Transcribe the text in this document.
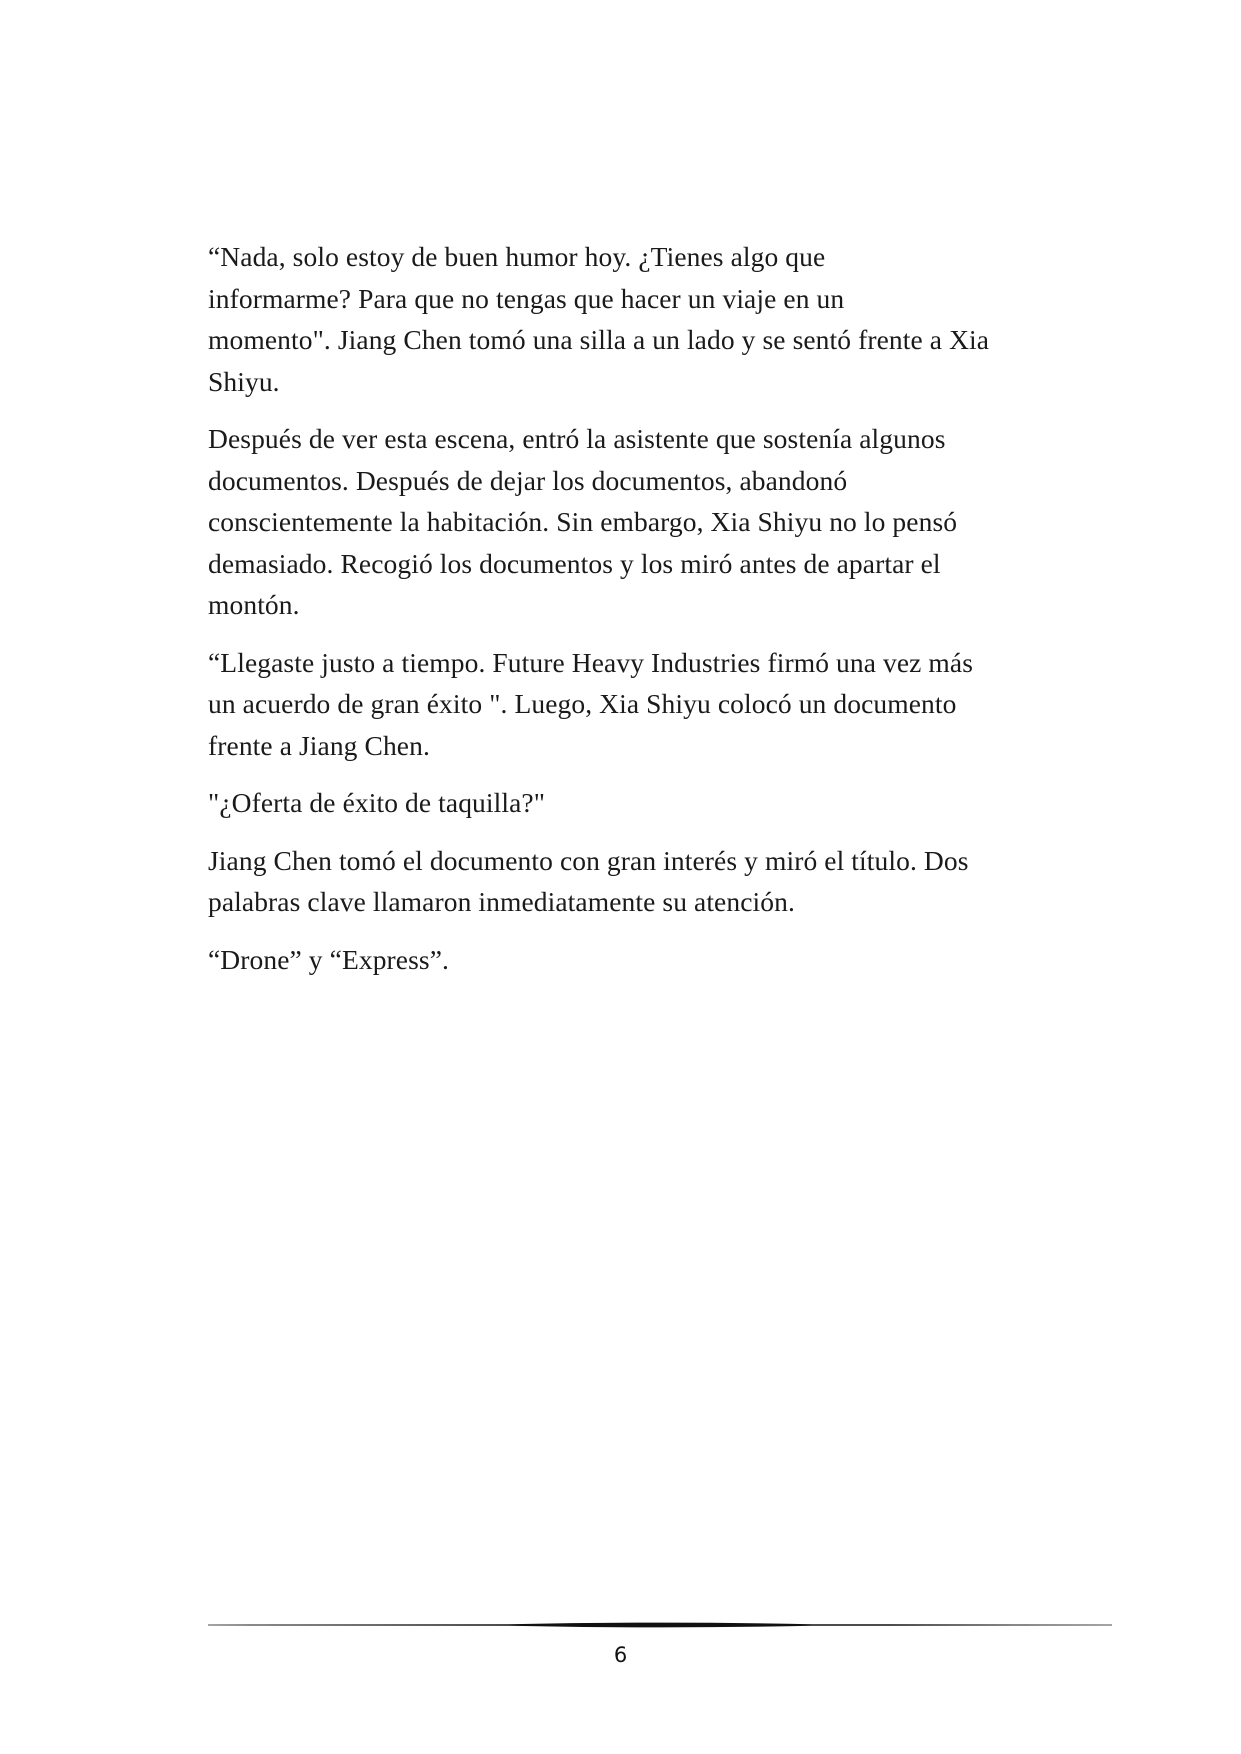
“Nada, solo estoy de buen humor hoy. ¿Tienes algo que
informarme? Para que no tengas que hacer un viaje en un
momento". Jiang Chen tomó una silla a un lado y se sentó frente a Xia
Shiyu.

Después de ver esta escena, entró la asistente que sostenía algunos
documentos. Después de dejar los documentos, abandonó
conscientemente la habitación. Sin embargo, Xia Shiyu no lo pensó
demasiado. Recogió los documentos y los miró antes de apartar el
montón.

“Llegaste justo a tiempo. Future Heavy Industries firmó una vez más
un acuerdo de gran éxito ". Luego, Xia Shiyu colocó un documento
frente a Jiang Chen.

"¿Oferta de éxito de taquilla?"

Jiang Chen tomó el documento con gran interés y miró el título. Dos
palabras clave llamaron inmediatamente su atención.

“Drone” y “Express”.

6
